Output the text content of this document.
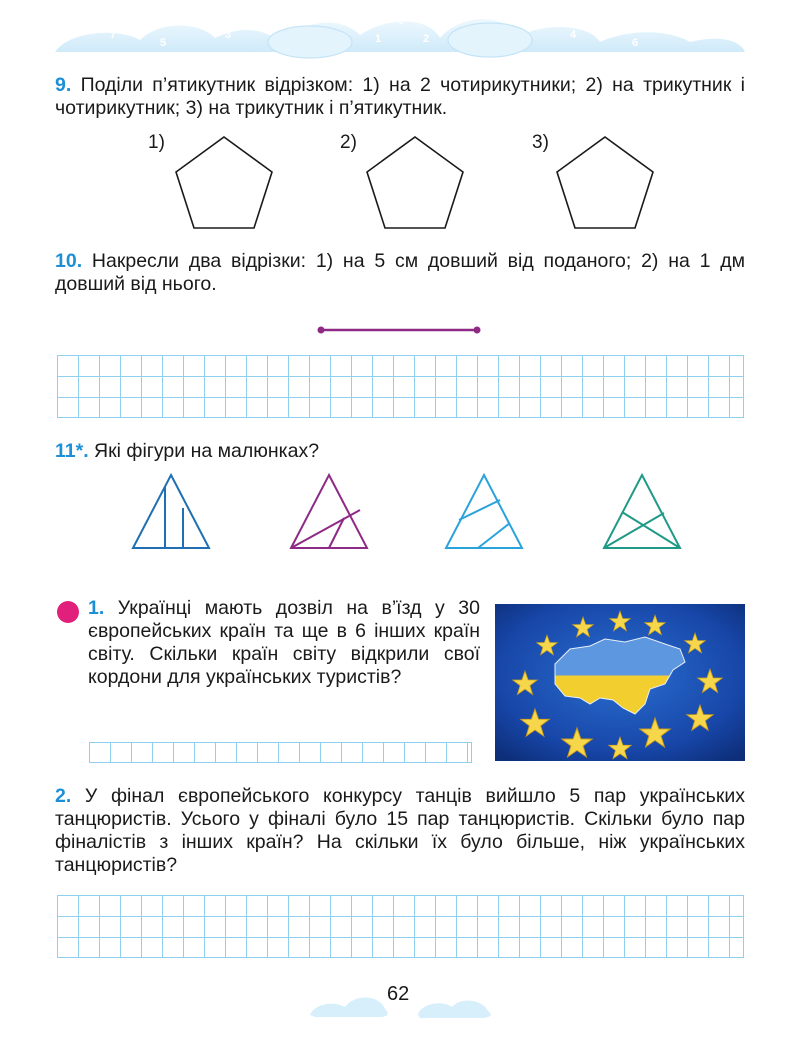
7
5
3	1
0
2	4
6
8
9. Поділи п’ятикутник відрізком: 1) на 2 чотирикутники; 2) на трикутник і чотирикутник; 3) на трикутник і п’ятикутник.
1)	2)	3)
10. Накресли два відрізки: 1) на 5 см довший від поданого; 2) на 1 дм довший від нього.
11*. Які фігури на малюнках?
1. Українці мають дозвіл на в’їзд у 30 європейських країн та ще в 6 інших країн світу. Скільки країн світу відкрили свої кордони для українських туристів?
2. У фінал європейського конкурсу танців вийшло 5 пар українських танцюристів. Усього у фіналі було 15 пар танцюристів. Скільки було пар фіналістів з інших країн? На скільки їх було більше, ніж українських танцюристів?
62
